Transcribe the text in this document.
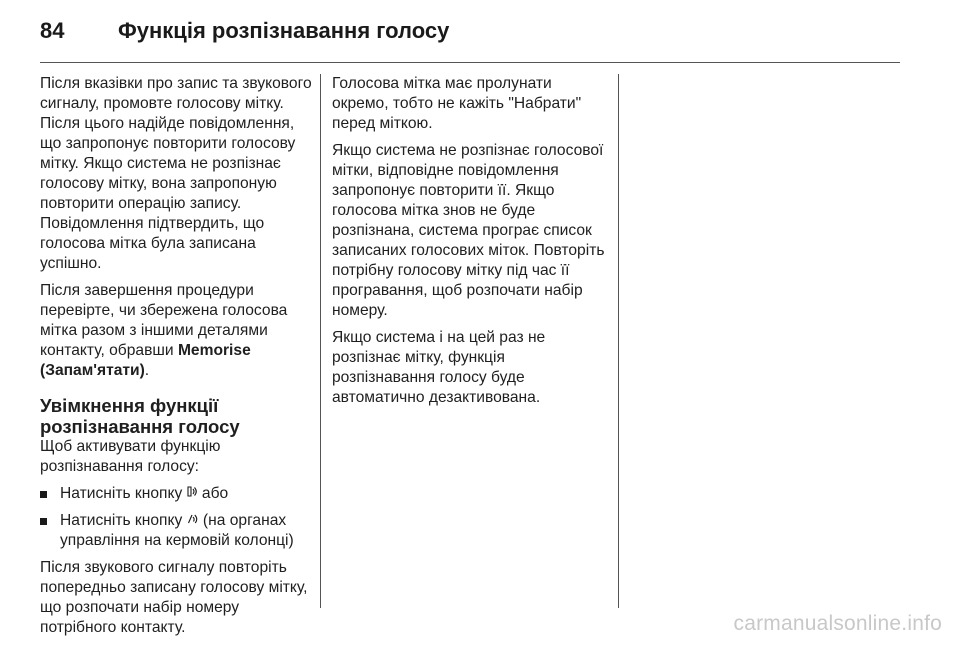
84 Функція розпізнавання голосу

Після вказівки про запис та звукового сигналу, промовте голосову мітку. Після цього надійде повідомлення, що запропонує повторити голосову мітку. Якщо система не розпізнає голосову мітку, вона запропоную повторити операцію запису. Повідомлення підтвердить, що голосова мітка була записана успішно.

Після завершення процедури перевірте, чи збережена голосова мітка разом з іншими деталями контакту, обравши Memorise (Запам'ятати).

Увімкнення функції розпізнавання голосу

Щоб активувати функцію розпізнавання голосу:

Натисніть кнопку  або
Натисніть кнопку  (на органах управління на кермовій колонці)

Після звукового сигналу повторіть попередньо записану голосову мітку, що розпочати набір номеру потрібного контакту.

Голосова мітка має пролунати окремо, тобто не кажіть "Набрати" перед міткою.

Якщо система не розпізнає голосової мітки, відповідне повідомлення запропонує повторити її. Якщо голосова мітка знов не буде розпізнана, система програє список записаних голосових міток. Повторіть потрібну голосову мітку під час її програвання, щоб розпочати набір номеру.

Якщо система і на цей раз не розпізнає мітку, функція розпізнавання голосу буде автоматично дезактивована.

carmanualsonline.info
